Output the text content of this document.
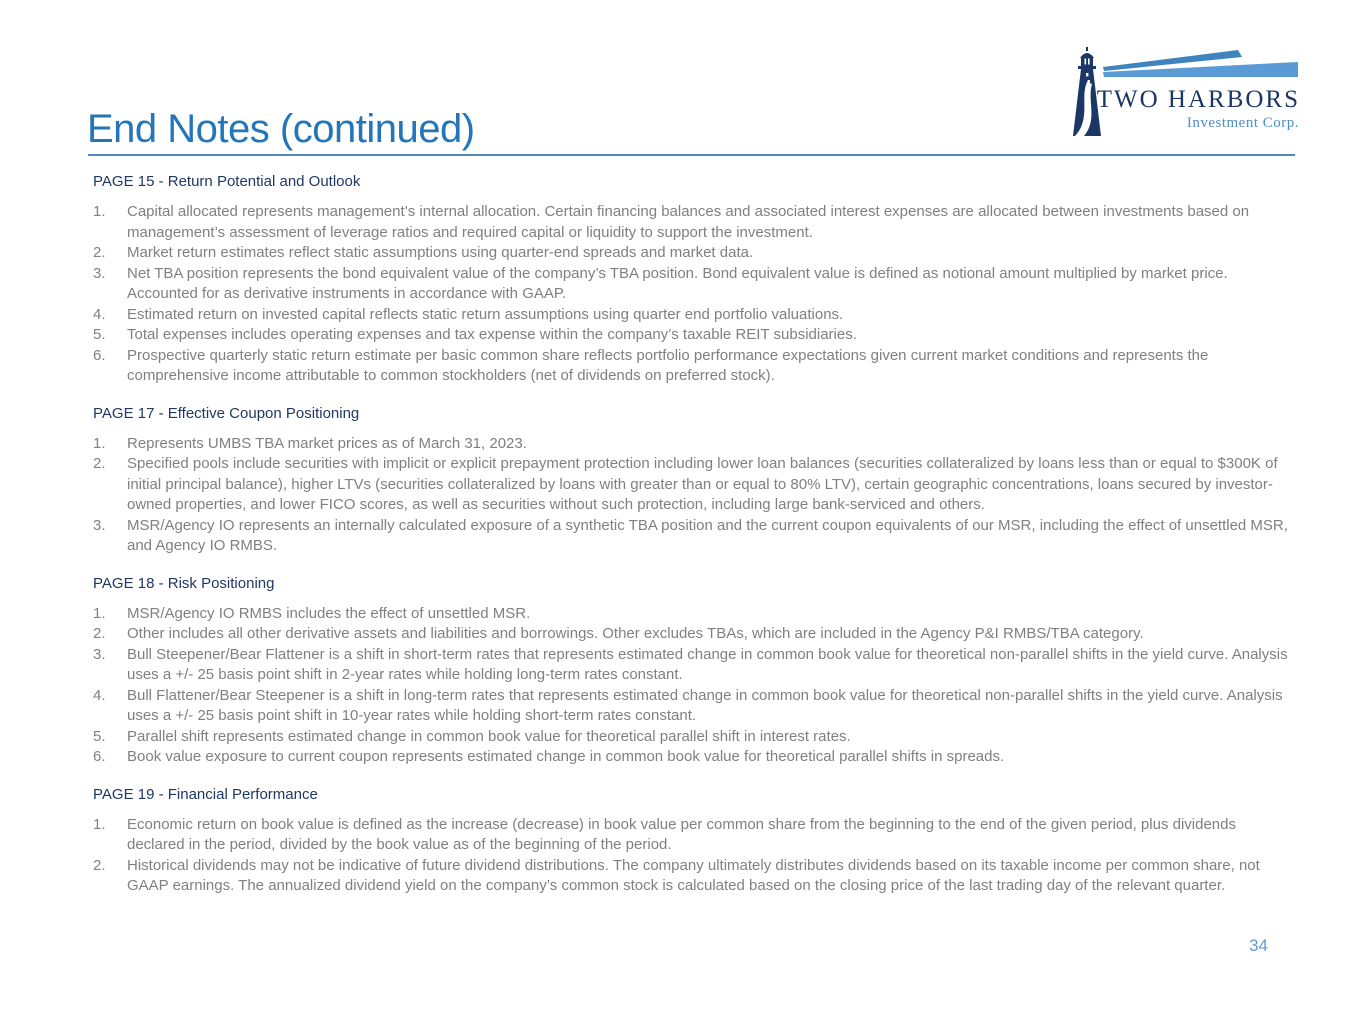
End Notes (continued)
TWO HARBORS
Investment Corp.
PAGE 15 - Return Potential and Outlook
Capital allocated represents management’s internal allocation. Certain financing balances and associated interest expenses are allocated between investments based on management’s assessment of leverage ratios and required capital or liquidity to support the investment.
Market return estimates reflect static assumptions using quarter-end spreads and market data.
Net TBA position represents the bond equivalent value of the company’s TBA position. Bond equivalent value is defined as notional amount multiplied by market price. Accounted for as derivative instruments in accordance with GAAP.
Estimated return on invested capital reflects static return assumptions using quarter end portfolio valuations.
Total expenses includes operating expenses and tax expense within the company’s taxable REIT subsidiaries.
Prospective quarterly static return estimate per basic common share reflects portfolio performance expectations given current market conditions and represents the comprehensive income attributable to common stockholders (net of dividends on preferred stock).
PAGE 17 - Effective Coupon Positioning
Represents UMBS TBA market prices as of March 31, 2023.
Specified pools include securities with implicit or explicit prepayment protection including lower loan balances (securities collateralized by loans less than or equal to $300K of initial principal balance), higher LTVs (securities collateralized by loans with greater than or equal to 80% LTV), certain geographic concentrations, loans secured by investor-owned properties, and lower FICO scores, as well as securities without such protection, including large bank-serviced and others.
MSR/Agency IO represents an internally calculated exposure of a synthetic TBA position and the current coupon equivalents of our MSR, including the effect of unsettled MSR, and Agency IO RMBS.
PAGE 18 - Risk Positioning
MSR/Agency IO RMBS includes the effect of unsettled MSR.
Other includes all other derivative assets and liabilities and borrowings. Other excludes TBAs, which are included in the Agency P&I RMBS/TBA category.
Bull Steepener/Bear Flattener is a shift in short-term rates that represents estimated change in common book value for theoretical non-parallel shifts in the yield curve. Analysis uses a +/- 25 basis point shift in 2-year rates while holding long-term rates constant.
Bull Flattener/Bear Steepener is a shift in long-term rates that represents estimated change in common book value for theoretical non-parallel shifts in the yield curve. Analysis uses a +/- 25 basis point shift in 10-year rates while holding short-term rates constant.
Parallel shift represents estimated change in common book value for theoretical parallel shift in interest rates.
Book value exposure to current coupon represents estimated change in common book value for theoretical parallel shifts in spreads.
PAGE 19 - Financial Performance
Economic return on book value is defined as the increase (decrease) in book value per common share from the beginning to the end of the given period, plus dividends declared in the period, divided by the book value as of the beginning of the period.
Historical dividends may not be indicative of future dividend distributions. The company ultimately distributes dividends based on its taxable income per common share, not GAAP earnings. The annualized dividend yield on the company’s common stock is calculated based on the closing price of the last trading day of the relevant quarter.
34
